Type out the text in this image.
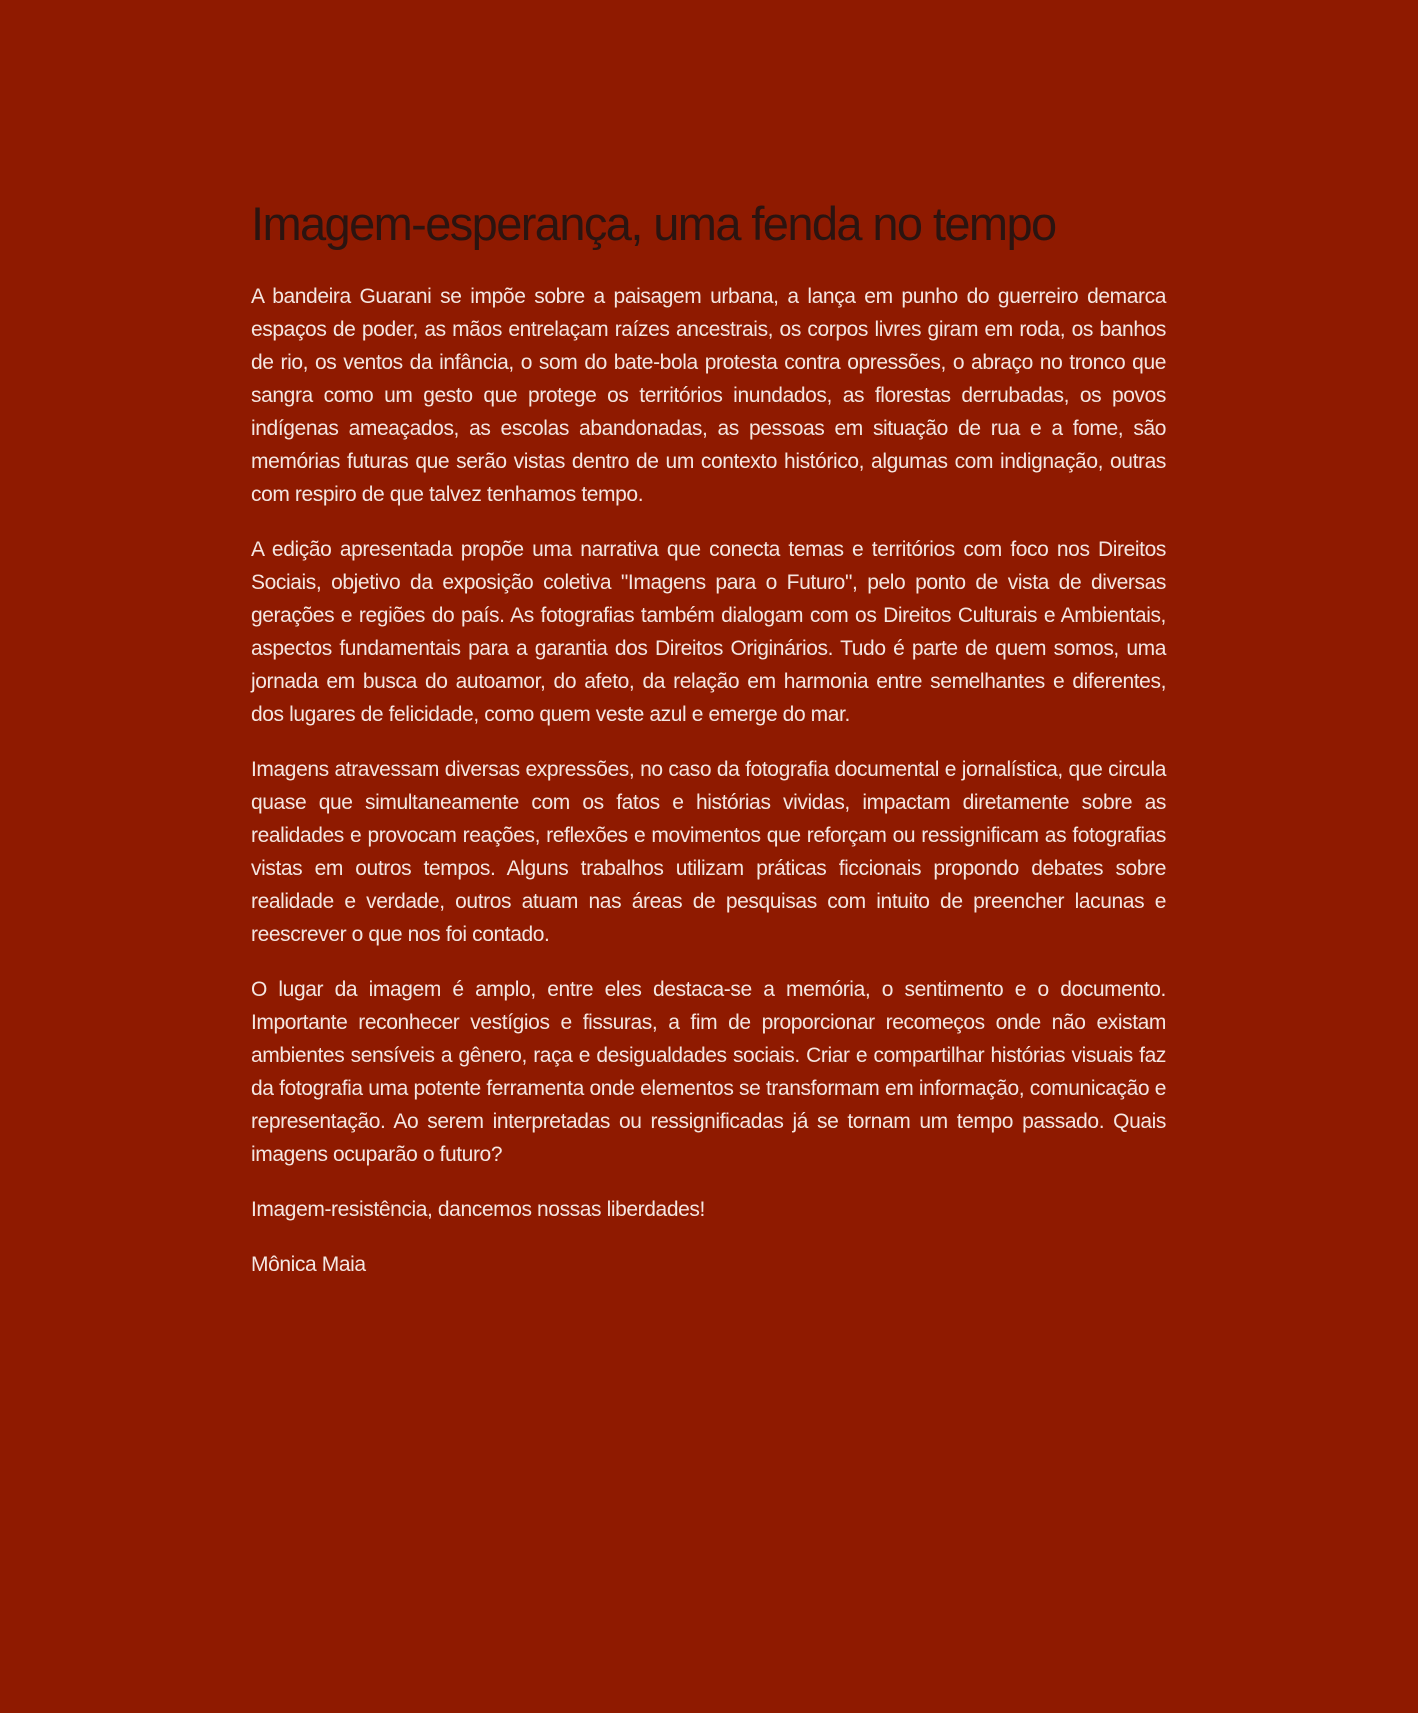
Imagem-esperança, uma fenda no tempo

A bandeira Guarani se impõe sobre a paisagem urbana, a lança em punho do guerreiro demarca espaços de poder, as mãos entrelaçam raízes ancestrais, os corpos livres giram em roda, os banhos de rio, os ventos da infância, o som do bate-bola protesta contra opressões, o abraço no tronco que sangra como um gesto que protege os territórios inundados, as florestas derrubadas, os povos indígenas ameaçados, as escolas abandonadas, as pessoas em situação de rua e a fome, são memórias futuras que serão vistas dentro de um contexto histórico, algumas com indignação, outras com respiro de que talvez tenhamos tempo.

A edição apresentada propõe uma narrativa que conecta temas e territórios com foco nos Direitos Sociais, objetivo da exposição coletiva "Imagens para o Futuro", pelo ponto de vista de diversas gerações e regiões do país. As fotografias também dialogam com os Direitos Culturais e Ambientais, aspectos fundamentais para a garantia dos Direitos Originários. Tudo é parte de quem somos, uma jornada em busca do autoamor, do afeto, da relação em harmonia entre semelhantes e diferentes, dos lugares de felicidade, como quem veste azul e emerge do mar.

Imagens atravessam diversas expressões, no caso da fotografia documental e jornalística, que circula quase que simultaneamente com os fatos e histórias vividas, impactam diretamente sobre as realidades e provocam reações, reflexões e movimentos que reforçam ou ressignificam as fotografias vistas em outros tempos. Alguns trabalhos utilizam práticas ficcionais propondo debates sobre realidade e verdade, outros atuam nas áreas de pesquisas com intuito de preencher lacunas e reescrever o que nos foi contado.

O lugar da imagem é amplo, entre eles destaca-se a memória, o sentimento e o documento. Importante reconhecer vestígios e fissuras, a fim de proporcionar recomeços onde não existam ambientes sensíveis a gênero, raça e desigualdades sociais. Criar e compartilhar histórias visuais faz da fotografia uma potente ferramenta onde elementos se transformam em informação, comunicação e representação. Ao serem interpretadas ou ressignificadas já se tornam um tempo passado. Quais imagens ocuparão o futuro?

Imagem-resistência, dancemos nossas liberdades!

Mônica Maia
